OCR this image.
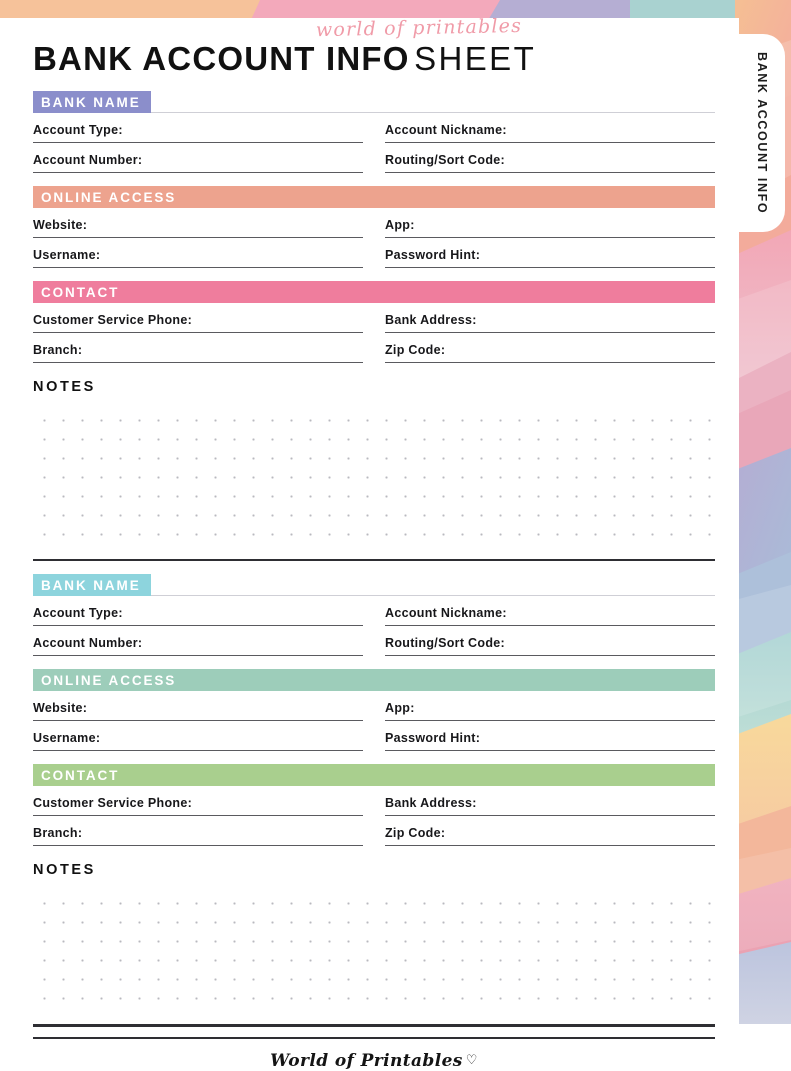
world of printables
BANK ACCOUNT INFO SHEET
BANK NAME
Account Type:	Account Nickname:
Account Number:	Routing/Sort Code:
ONLINE ACCESS
Website:	App:
Username:	Password Hint:
CONTACT
Customer Service Phone:	Bank Address:
Branch:	Zip Code:
NOTES
BANK NAME
Account Type:	Account Nickname:
Account Number:	Routing/Sort Code:
ONLINE ACCESS
Website:	App:
Username:	Password Hint:
CONTACT
Customer Service Phone:	Bank Address:
Branch:	Zip Code:
NOTES
World of Printables ♡
BANK ACCOUNT INFO
